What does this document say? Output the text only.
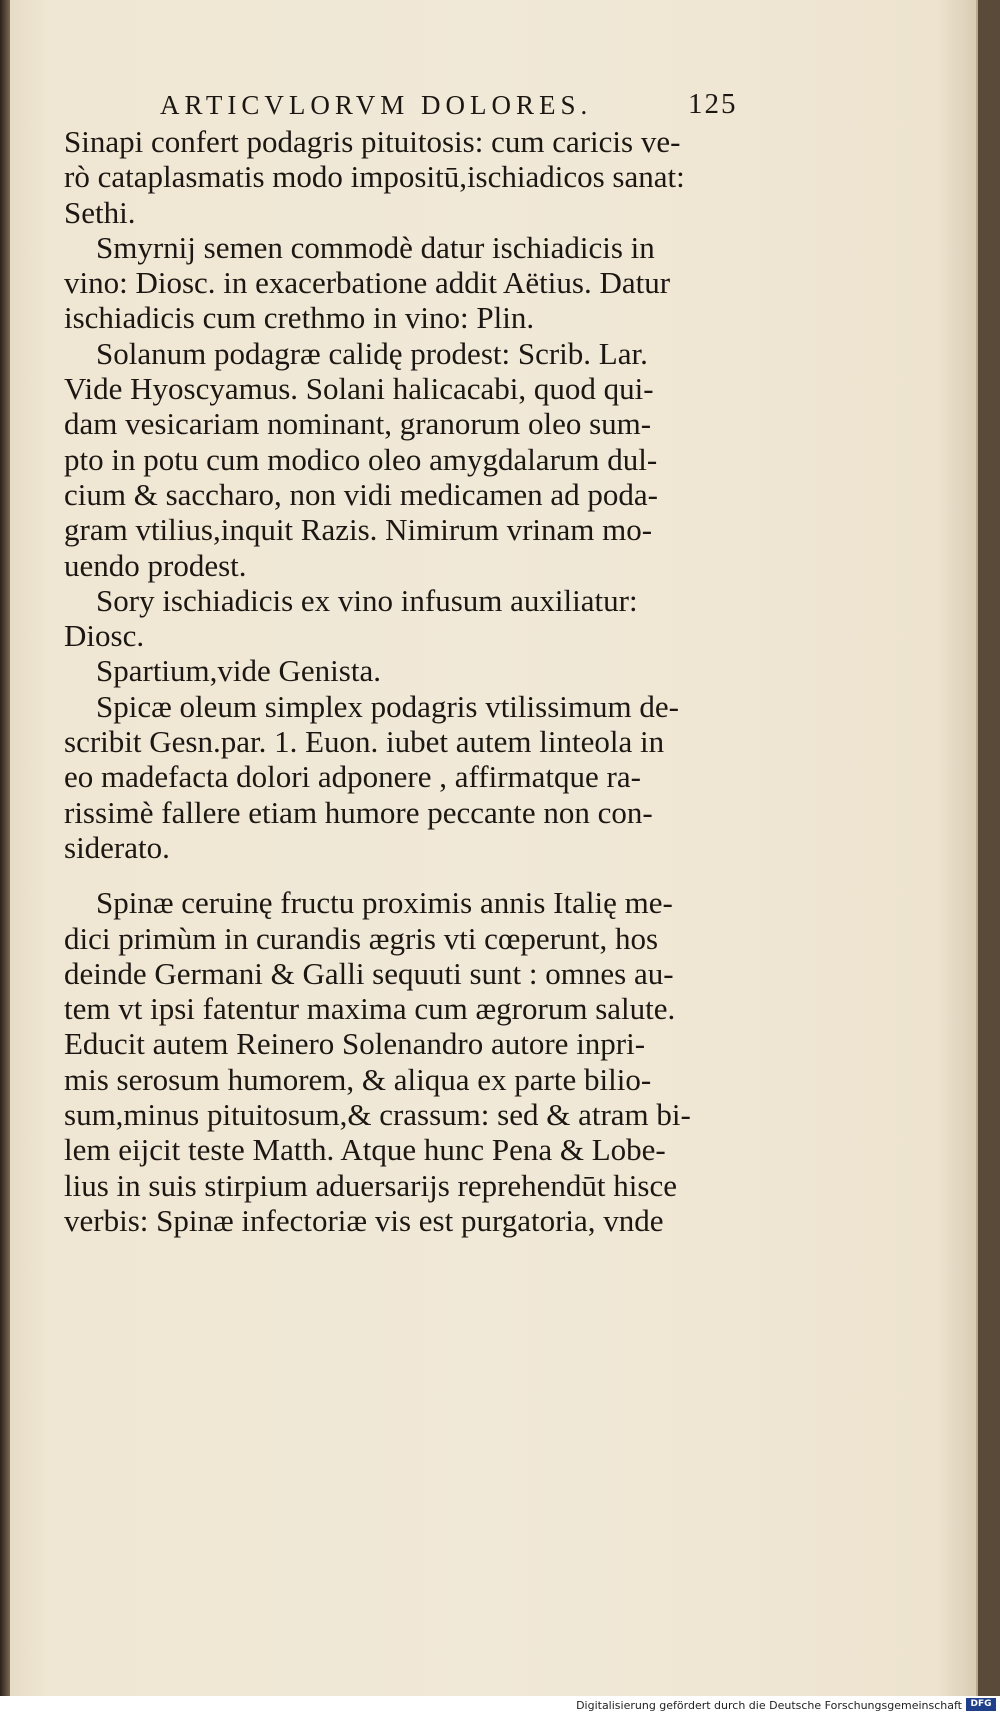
ARTICVLORVM DOLORES.	125
Sinapi confert podagris pituitosis: cum caricis ve-
rò cataplasmatis modo impositū,ischiadicos sanat:
Sethi.
Smyrnij semen commodè datur ischiadicis in
vino: Diosc. in exacerbatione addit Aëtius. Datur
ischiadicis cum crethmo in vino: Plin.
Solanum podagræ calidę prodest: Scrib. Lar.
Vide Hyoscyamus. Solani halicacabi, quod qui-
dam vesicariam nominant, granorum oleo sum-
pto in potu cum modico oleo amygdalarum dul-
cium & saccharo, non vidi medicamen ad poda-
gram vtilius,inquit Razis. Nimirum vrinam mo-
uendo prodest.
Sory ischiadicis ex vino infusum auxiliatur:
Diosc.
Spartium,vide Genista.
Spicæ oleum simplex podagris vtilissimum de-
scribit Gesn.par. 1. Euon. iubet autem linteola in
eo madefacta dolori adponere , affirmatque ra-
rissimè fallere etiam humore peccante non con-
siderato.
Spinæ ceruinę fructu proximis annis Italię me-
dici primùm in curandis ægris vti cœperunt, hos
deinde Germani & Galli sequuti sunt : omnes au-
tem vt ipsi fatentur maxima cum ægrorum salute.
Educit autem Reinero Solenandro autore inpri-
mis serosum humorem, & aliqua ex parte bilio-
sum,minus pituitosum,& crassum: sed & atram bi-
lem eijcit teste Matth. Atque hunc Pena & Lobe-
lius in suis stirpium aduersarijs reprehendūt hisce
verbis: Spinæ infectoriæ vis est purgatoria, vnde
Digitalisierung gefördert durch die Deutsche Forschungsgemeinschaft DFG
